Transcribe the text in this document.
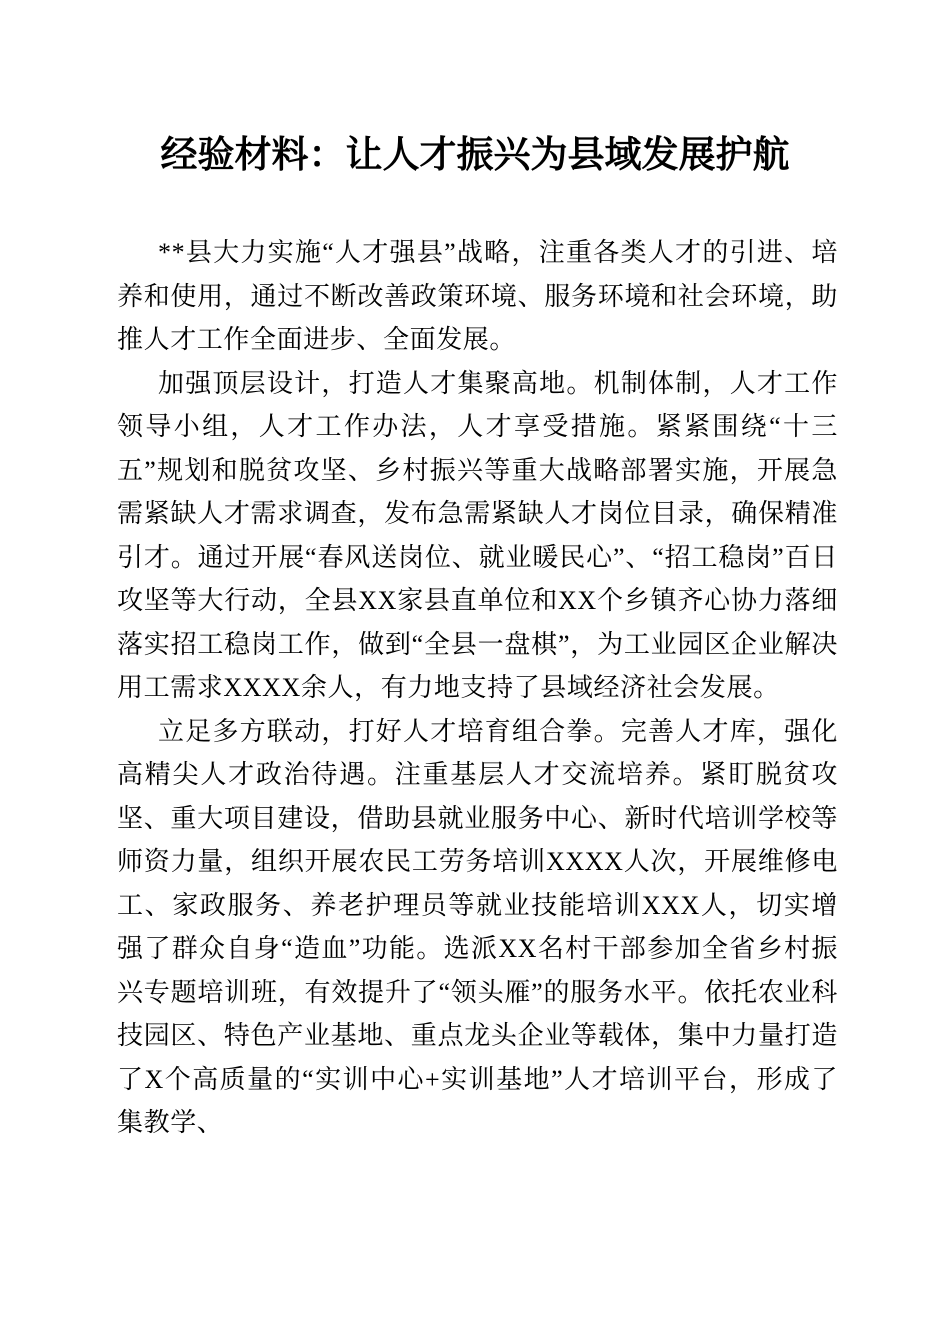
经验材料：让人才振兴为县域发展护航

**县大力实施“人才强县”战略，注重各类人才的引进、培养和使用，通过不断改善政策环境、服务环境和社会环境，助推人才工作全面进步、全面发展。

加强顶层设计，打造人才集聚高地。机制体制，人才工作领导小组，人才工作办法，人才享受措施。紧紧围绕“十三五”规划和脱贫攻坚、乡村振兴等重大战略部署实施，开展急需紧缺人才需求调查，发布急需紧缺人才岗位目录，确保精准引才。通过开展“春风送岗位、就业暖民心”、“招工稳岗”百日攻坚等大行动，全县XX家县直单位和XX个乡镇齐心协力落细落实招工稳岗工作，做到“全县一盘棋”，为工业园区企业解决用工需求XXXX余人，有力地支持了县域经济社会发展。

立足多方联动，打好人才培育组合拳。完善人才库，强化高精尖人才政治待遇。注重基层人才交流培养。紧盯脱贫攻坚、重大项目建设，借助县就业服务中心、新时代培训学校等师资力量，组织开展农民工劳务培训XXXX人次，开展维修电工、家政服务、养老护理员等就业技能培训XXX人，切实增强了群众自身“造血”功能。选派XX名村干部参加全省乡村振兴专题培训班，有效提升了“领头雁”的服务水平。依托农业科技园区、特色产业基地、重点龙头企业等载体，集中力量打造了X个高质量的“实训中心+实训基地”人才培训平台，形成了集教学、
